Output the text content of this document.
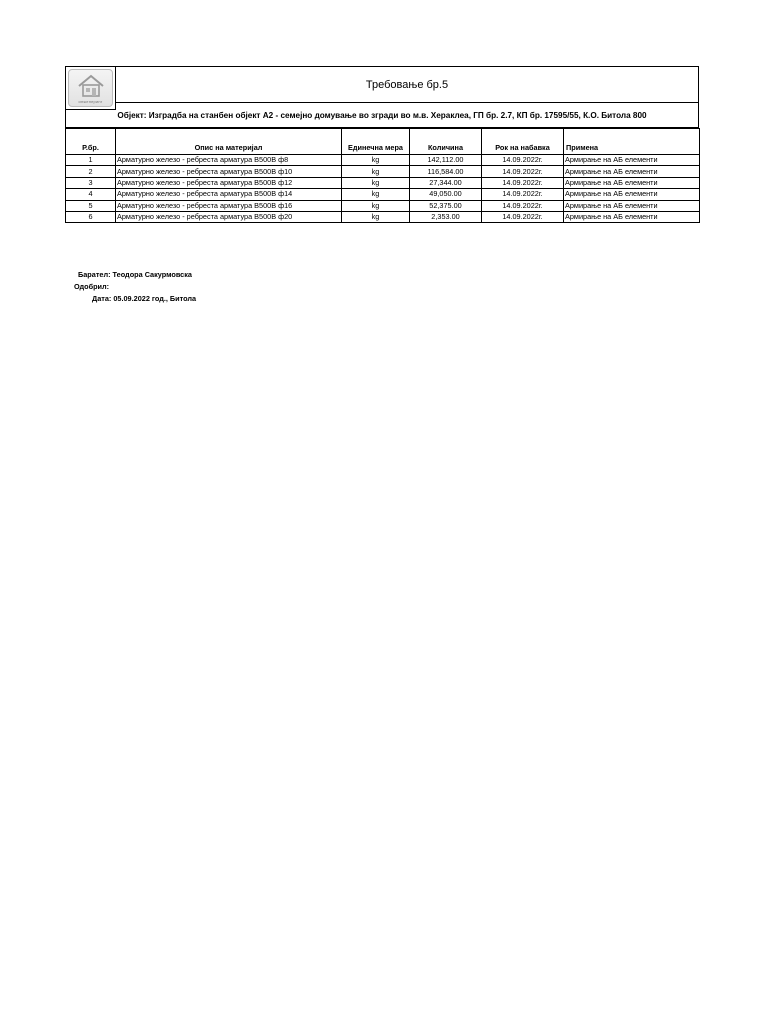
инженеринг
Требовање бр.5
Објект: Изградба на станбен објект А2 - семејно домување во згради во м.в. Хераклеа, ГП бр. 2.7, КП бр. 17595/55, К.О. Битола 800
Р.бр.	Опис на материјал	Единечна мера	Количина	Рок на набавка	Примена
1	Арматурно железо - ребреста арматура B500B ф8	kg	142,112.00	14.09.2022г.	Армирање на АБ елементи
2	Арматурно железо - ребреста арматура B500B ф10	kg	116,584.00	14.09.2022г.	Армирање на АБ елементи
3	Арматурно железо - ребреста арматура B500B ф12	kg	27,344.00	14.09.2022г.	Армирање на АБ елементи
4	Арматурно железо - ребреста арматура B500B ф14	kg	49,050.00	14.09.2022г.	Армирање на АБ елементи
5	Арматурно железо - ребреста арматура B500B ф16	kg	52,375.00	14.09.2022г.	Армирање на АБ елементи
6	Арматурно железо - ребреста арматура B500B ф20	kg	2,353.00	14.09.2022г.	Армирање на АБ елементи
Барател: Теодора Сакурмовска
Одобрил:
Дата: 05.09.2022 год., Битола
